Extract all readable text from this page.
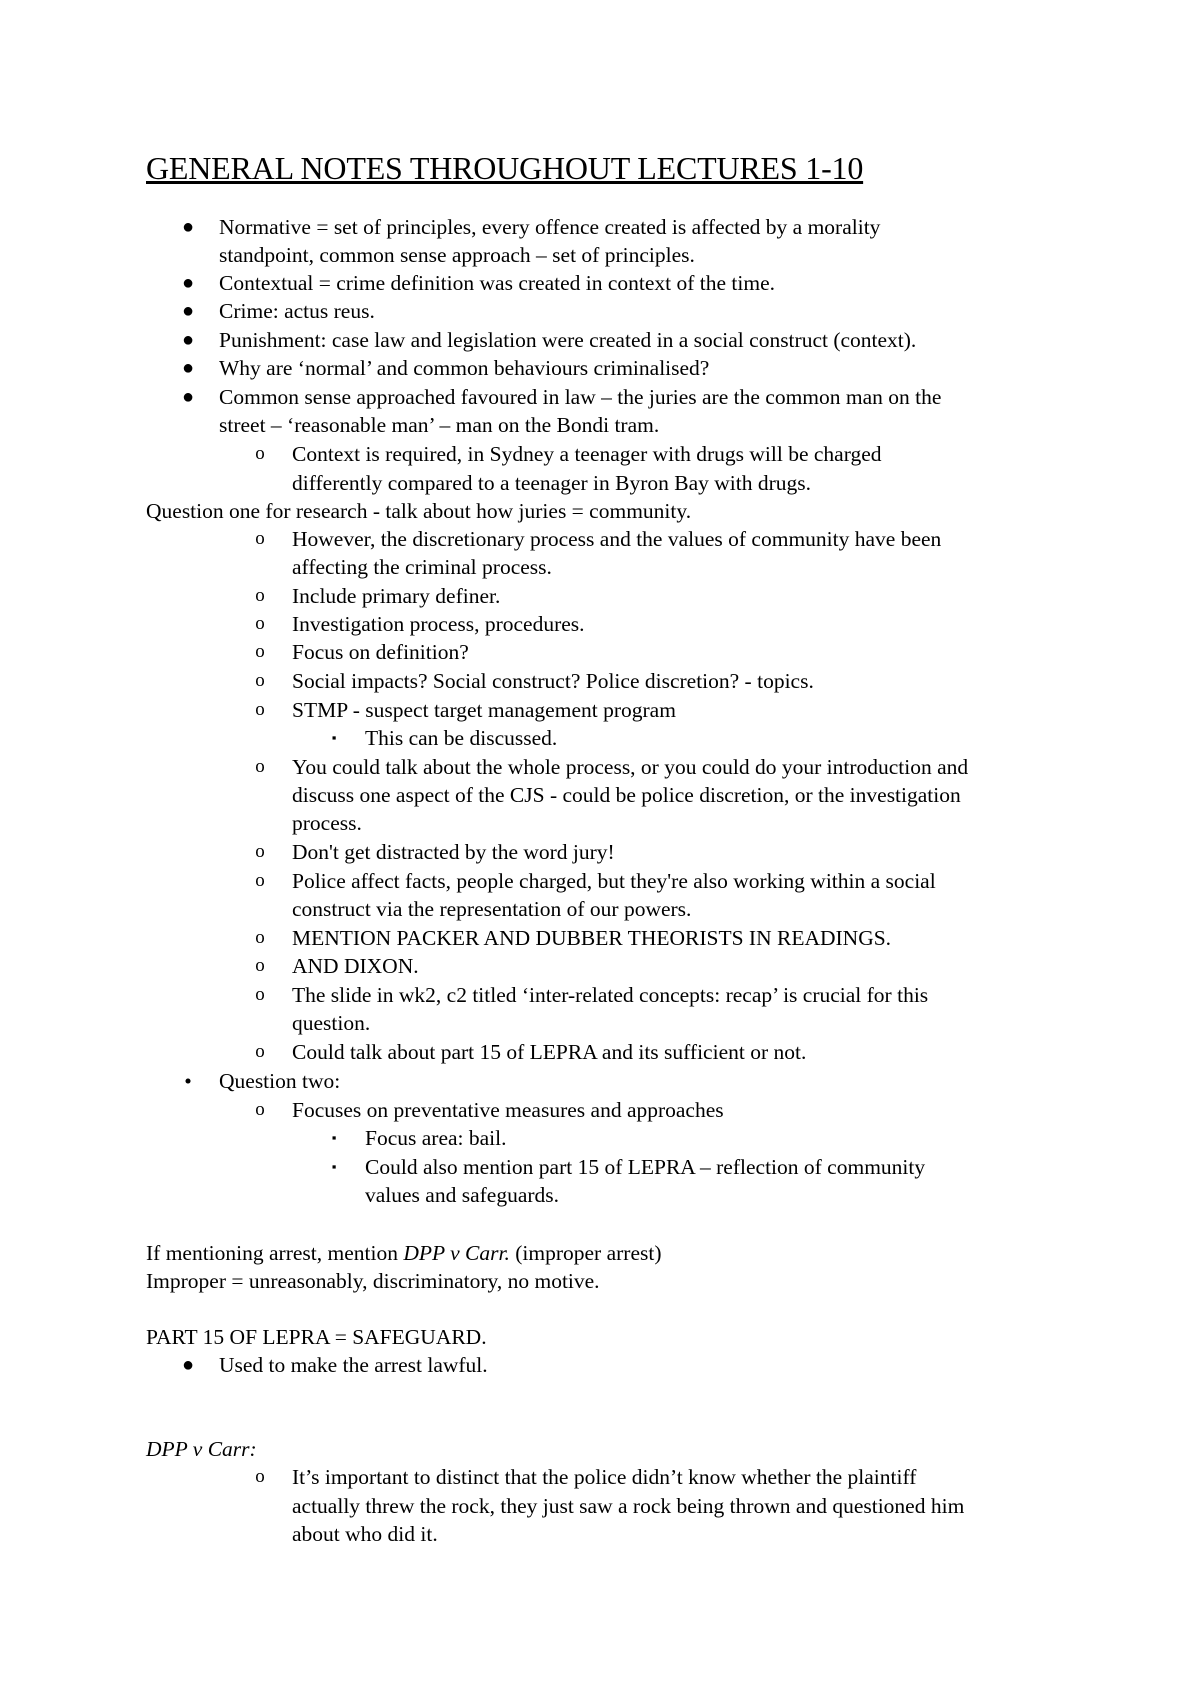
GENERAL NOTES THROUGHOUT LECTURES 1-10
● Normative = set of principles, every offence created is affected by a morality
standpoint, common sense approach – set of principles.
● Contextual = crime definition was created in context of the time.
● Crime: actus reus.
● Punishment: case law and legislation were created in a social construct (context).
● Why are ‘normal’ and common behaviours criminalised?
● Common sense approached favoured in law – the juries are the common man on the
street – ‘reasonable man’ – man on the Bondi tram.
o Context is required, in Sydney a teenager with drugs will be charged
differently compared to a teenager in Byron Bay with drugs.
Question one for research - talk about how juries = community.
o However, the discretionary process and the values of community have been
affecting the criminal process.
o Include primary definer.
o Investigation process, procedures.
o Focus on definition?
o Social impacts? Social construct? Police discretion? - topics.
o STMP - suspect target management program
▪ This can be discussed.
o You could talk about the whole process, or you could do your introduction and
discuss one aspect of the CJS - could be police discretion, or the investigation
process.
o Don't get distracted by the word jury!
o Police affect facts, people charged, but they're also working within a social
construct via the representation of our powers.
o MENTION PACKER AND DUBBER THEORISTS IN READINGS.
o AND DIXON.
o The slide in wk2, c2 titled ‘inter-related concepts: recap’ is crucial for this
question.
o Could talk about part 15 of LEPRA and its sufficient or not.
• Question two:
o Focuses on preventative measures and approaches
▪ Focus area: bail.
▪ Could also mention part 15 of LEPRA – reflection of community
values and safeguards.
If mentioning arrest, mention DPP v Carr. (improper arrest)
Improper = unreasonably, discriminatory, no motive.
PART 15 OF LEPRA = SAFEGUARD.
● Used to make the arrest lawful.
DPP v Carr:
o It’s important to distinct that the police didn’t know whether the plaintiff
actually threw the rock, they just saw a rock being thrown and questioned him
about who did it.
